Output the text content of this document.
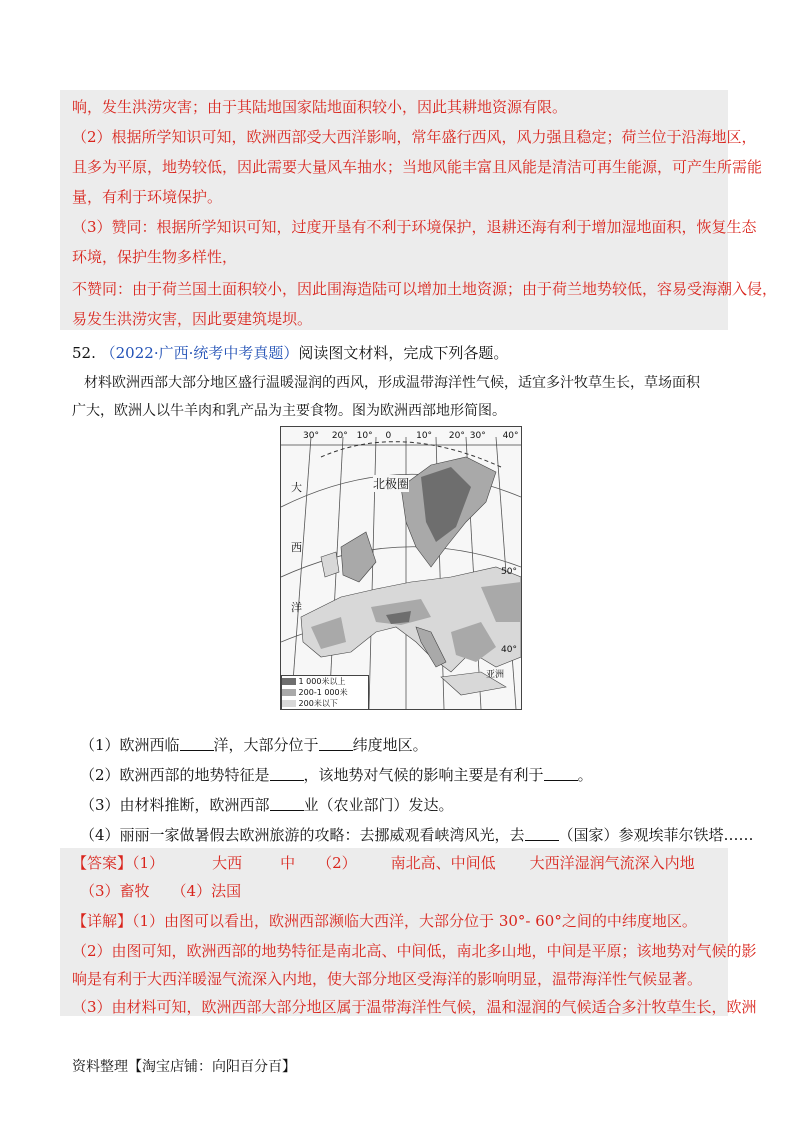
响，发生洪涝灾害；由于其陆地国家陆地面积较小，因此其耕地资源有限。
（2）根据所学知识可知，欧洲西部受大西洋影响，常年盛行西风，风力强且稳定；荷兰位于沿海地区，
且多为平原，地势较低，因此需要大量风车抽水；当地风能丰富且风能是清洁可再生能源，可产生所需能
量，有利于环境保护。
（3）赞同：根据所学知识可知，过度开垦有不利于环境保护，退耕还海有利于增加湿地面积，恢复生态
环境，保护生物多样性，
不赞同：由于荷兰国土面积较小，因此围海造陆可以增加土地资源；由于荷兰地势较低，容易受海潮入侵，
易发生洪涝灾害，因此要建筑堤坝。
52. （2022·广西·统考中考真题）阅读图文材料，完成下列各题。
材料欧洲西部大部分地区盛行温暖湿润的西风，形成温带海洋性气候，适宜多汁牧草生长，草场面积
广大，欧洲人以牛羊肉和乳产品为主要食物。图为欧洲西部地形简图。
30° 20° 10° 0	10° 20° 30° 40°
北极圈
大
西
洋
50°
40°
亚洲
1 000米以上
200-1 000米
200米以下
（1）欧洲西临 洋，大部分位于 纬度地区。
（2）欧洲西部的地势特征是 ，该地势对气候的影响主要是有利于 。
（3）由材料推断，欧洲西部 业（农业部门）发达。
（4）丽丽一家做暑假去欧洲旅游的攻略：去挪威观看峡湾风光，去 （国家）参观埃菲尔铁塔……
【答案】（1）	大西	中 （2） 南北高、中间低 大西洋湿润气流深入内地
（3）畜牧 （4）法国
【详解】（1）由图可以看出，欧洲西部濒临大西洋，大部分位于 30°- 60°之间的中纬度地区。
（2）由图可知，欧洲西部的地势特征是南北高、中间低，南北多山地，中间是平原；该地势对气候的影
响是有利于大西洋暖湿气流深入内地，使大部分地区受海洋的影响明显，温带海洋性气候显著。
（3）由材料可知，欧洲西部大部分地区属于温带海洋性气候，温和湿润的气候适合多汁牧草生长，欧洲
资料整理【淘宝店铺：向阳百分百】
